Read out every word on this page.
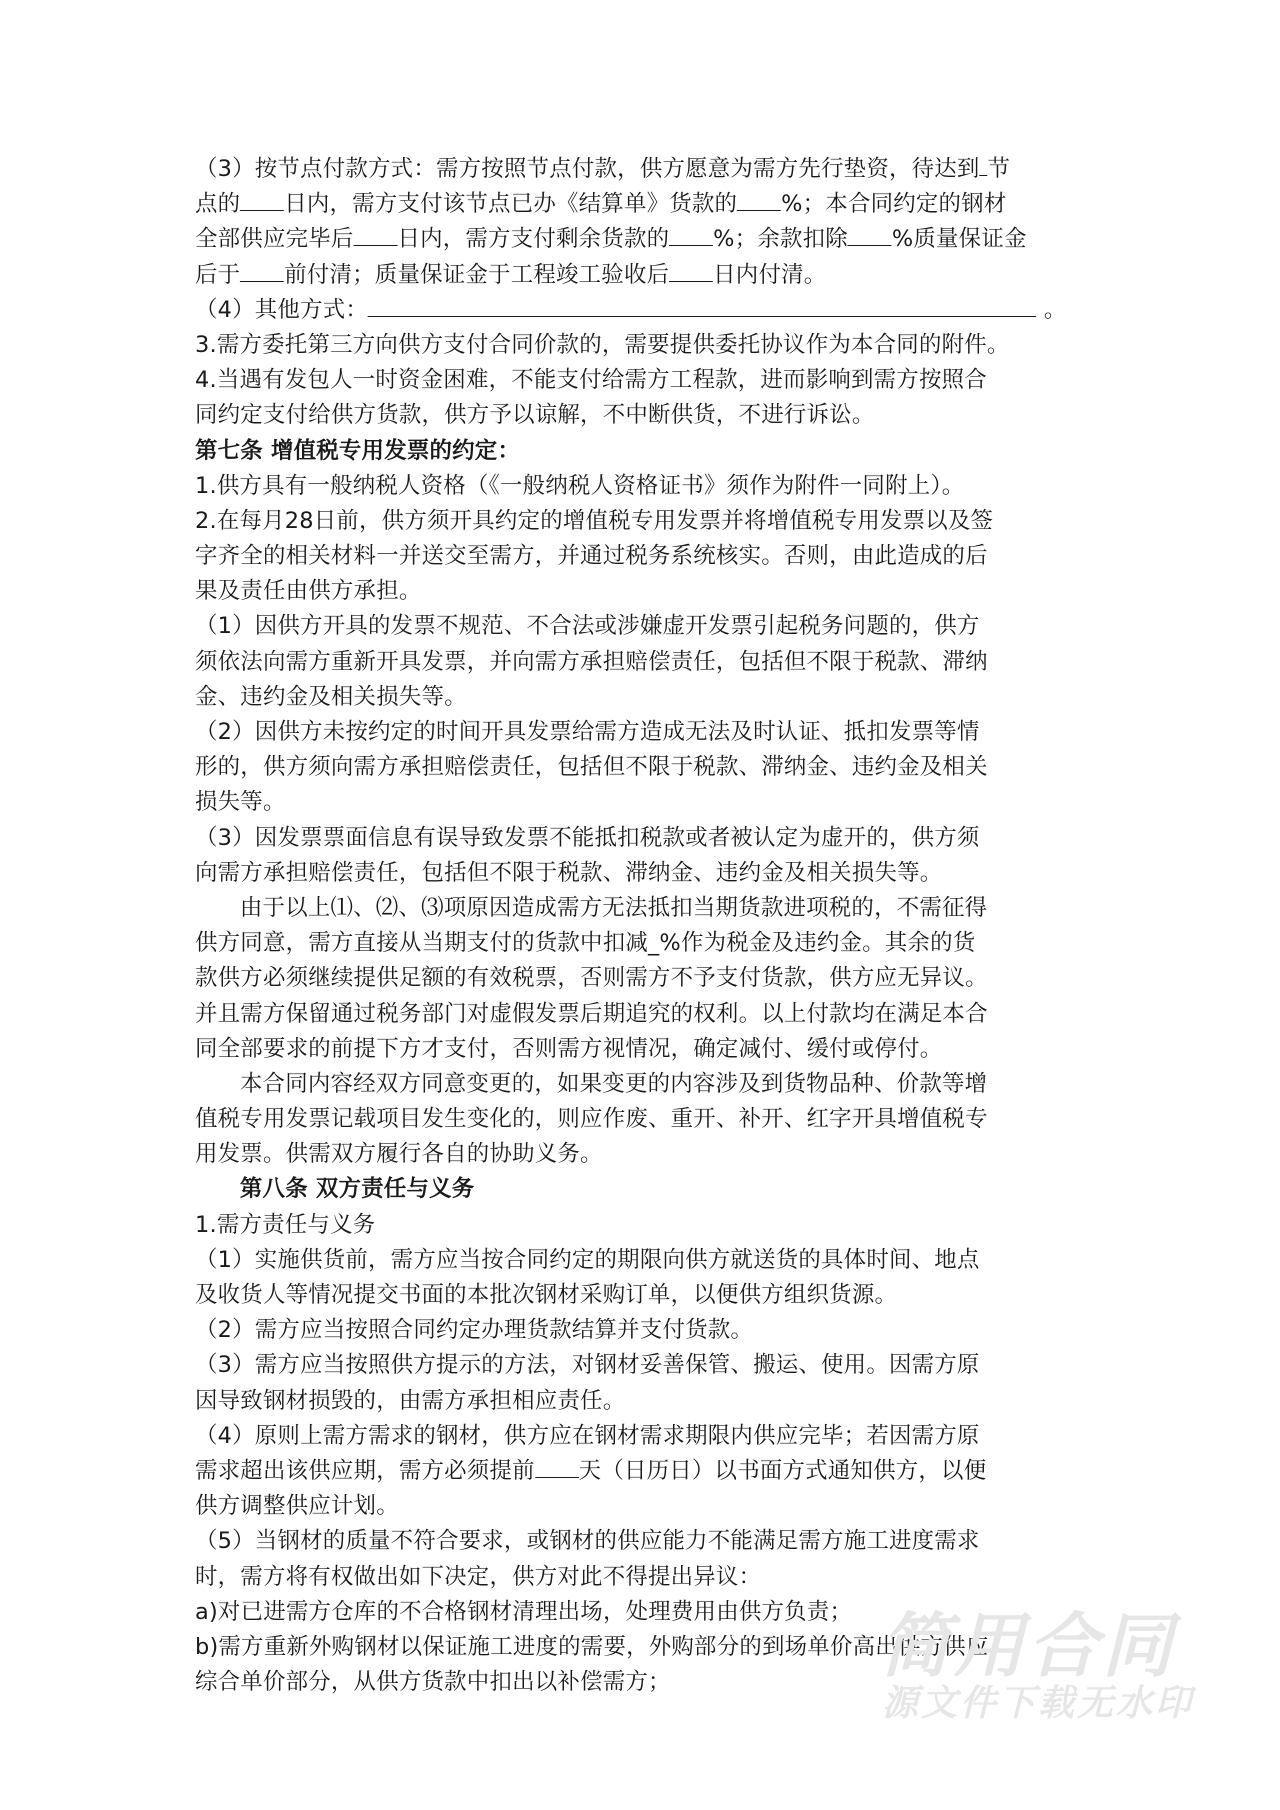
（3）按节点付款方式：需方按照节点付款，供方愿意为需方先行垫资，待达到 节
点的 日内，需方支付该节点已办《结算单》货款的 %；本合同约定的钢材
全部供应完毕后 日内，需方支付剩余货款的 %；余款扣除 %质量保证金
后于 前付清；质量保证金于工程竣工验收后 日内付清。
（4）其他方式：	。
3.需方委托第三方向供方支付合同价款的，需要提供委托协议作为本合同的附件。
4.当遇有发包人一时资金困难，不能支付给需方工程款，进而影响到需方按照合
同约定支付给供方货款，供方予以谅解，不中断供货，不进行诉讼。
第七条 增值税专用发票的约定：
1.供方具有一般纳税人资格（《一般纳税人资格证书》须作为附件一同附上）。
2.在每月28日前，供方须开具约定的增值税专用发票并将增值税专用发票以及签
字齐全的相关材料一并送交至需方，并通过税务系统核实。否则，由此造成的后
果及责任由供方承担。
（1）因供方开具的发票不规范、不合法或涉嫌虚开发票引起税务问题的，供方
须依法向需方重新开具发票，并向需方承担赔偿责任，包括但不限于税款、滞纳
金、违约金及相关损失等。
（2）因供方未按约定的时间开具发票给需方造成无法及时认证、抵扣发票等情
形的，供方须向需方承担赔偿责任，包括但不限于税款、滞纳金、违约金及相关
损失等。
（3）因发票票面信息有误导致发票不能抵扣税款或者被认定为虚开的，供方须
向需方承担赔偿责任，包括但不限于税款、滞纳金、违约金及相关损失等。
由于以上⑴、⑵、⑶项原因造成需方无法抵扣当期货款进项税的，不需征得
供方同意，需方直接从当期支付的货款中扣减_%作为税金及违约金。其余的货
款供方必须继续提供足额的有效税票，否则需方不予支付货款，供方应无异议。
并且需方保留通过税务部门对虚假发票后期追究的权利。以上付款均在满足本合
同全部要求的前提下方才支付，否则需方视情况，确定减付、缓付或停付。
本合同内容经双方同意变更的，如果变更的内容涉及到货物品种、价款等增
值税专用发票记载项目发生变化的，则应作废、重开、补开、红字开具增值税专
用发票。供需双方履行各自的协助义务。
第八条 双方责任与义务
1.需方责任与义务
（1）实施供货前，需方应当按合同约定的期限向供方就送货的具体时间、地点
及收货人等情况提交书面的本批次钢材采购订单，以便供方组织货源。
（2）需方应当按照合同约定办理货款结算并支付货款。
（3）需方应当按照供方提示的方法，对钢材妥善保管、搬运、使用。因需方原
因导致钢材损毁的，由需方承担相应责任。
（4）原则上需方需求的钢材，供方应在钢材需求期限内供应完毕；若因需方原
需求超出该供应期，需方必须提前 天（日历日）以书面方式通知供方，以便
供方调整供应计划。
（5）当钢材的质量不符合要求，或钢材的供应能力不能满足需方施工进度需求
时，需方将有权做出如下决定，供方对此不得提出异议：
a)对已进需方仓库的不合格钢材清理出场，处理费用由供方负责；
b)需方重新外购钢材以保证施工进度的需要，外购部分的到场单价高出供方供应
综合单价部分，从供方货款中扣出以补偿需方；	简用合同
源文件下载无水印
